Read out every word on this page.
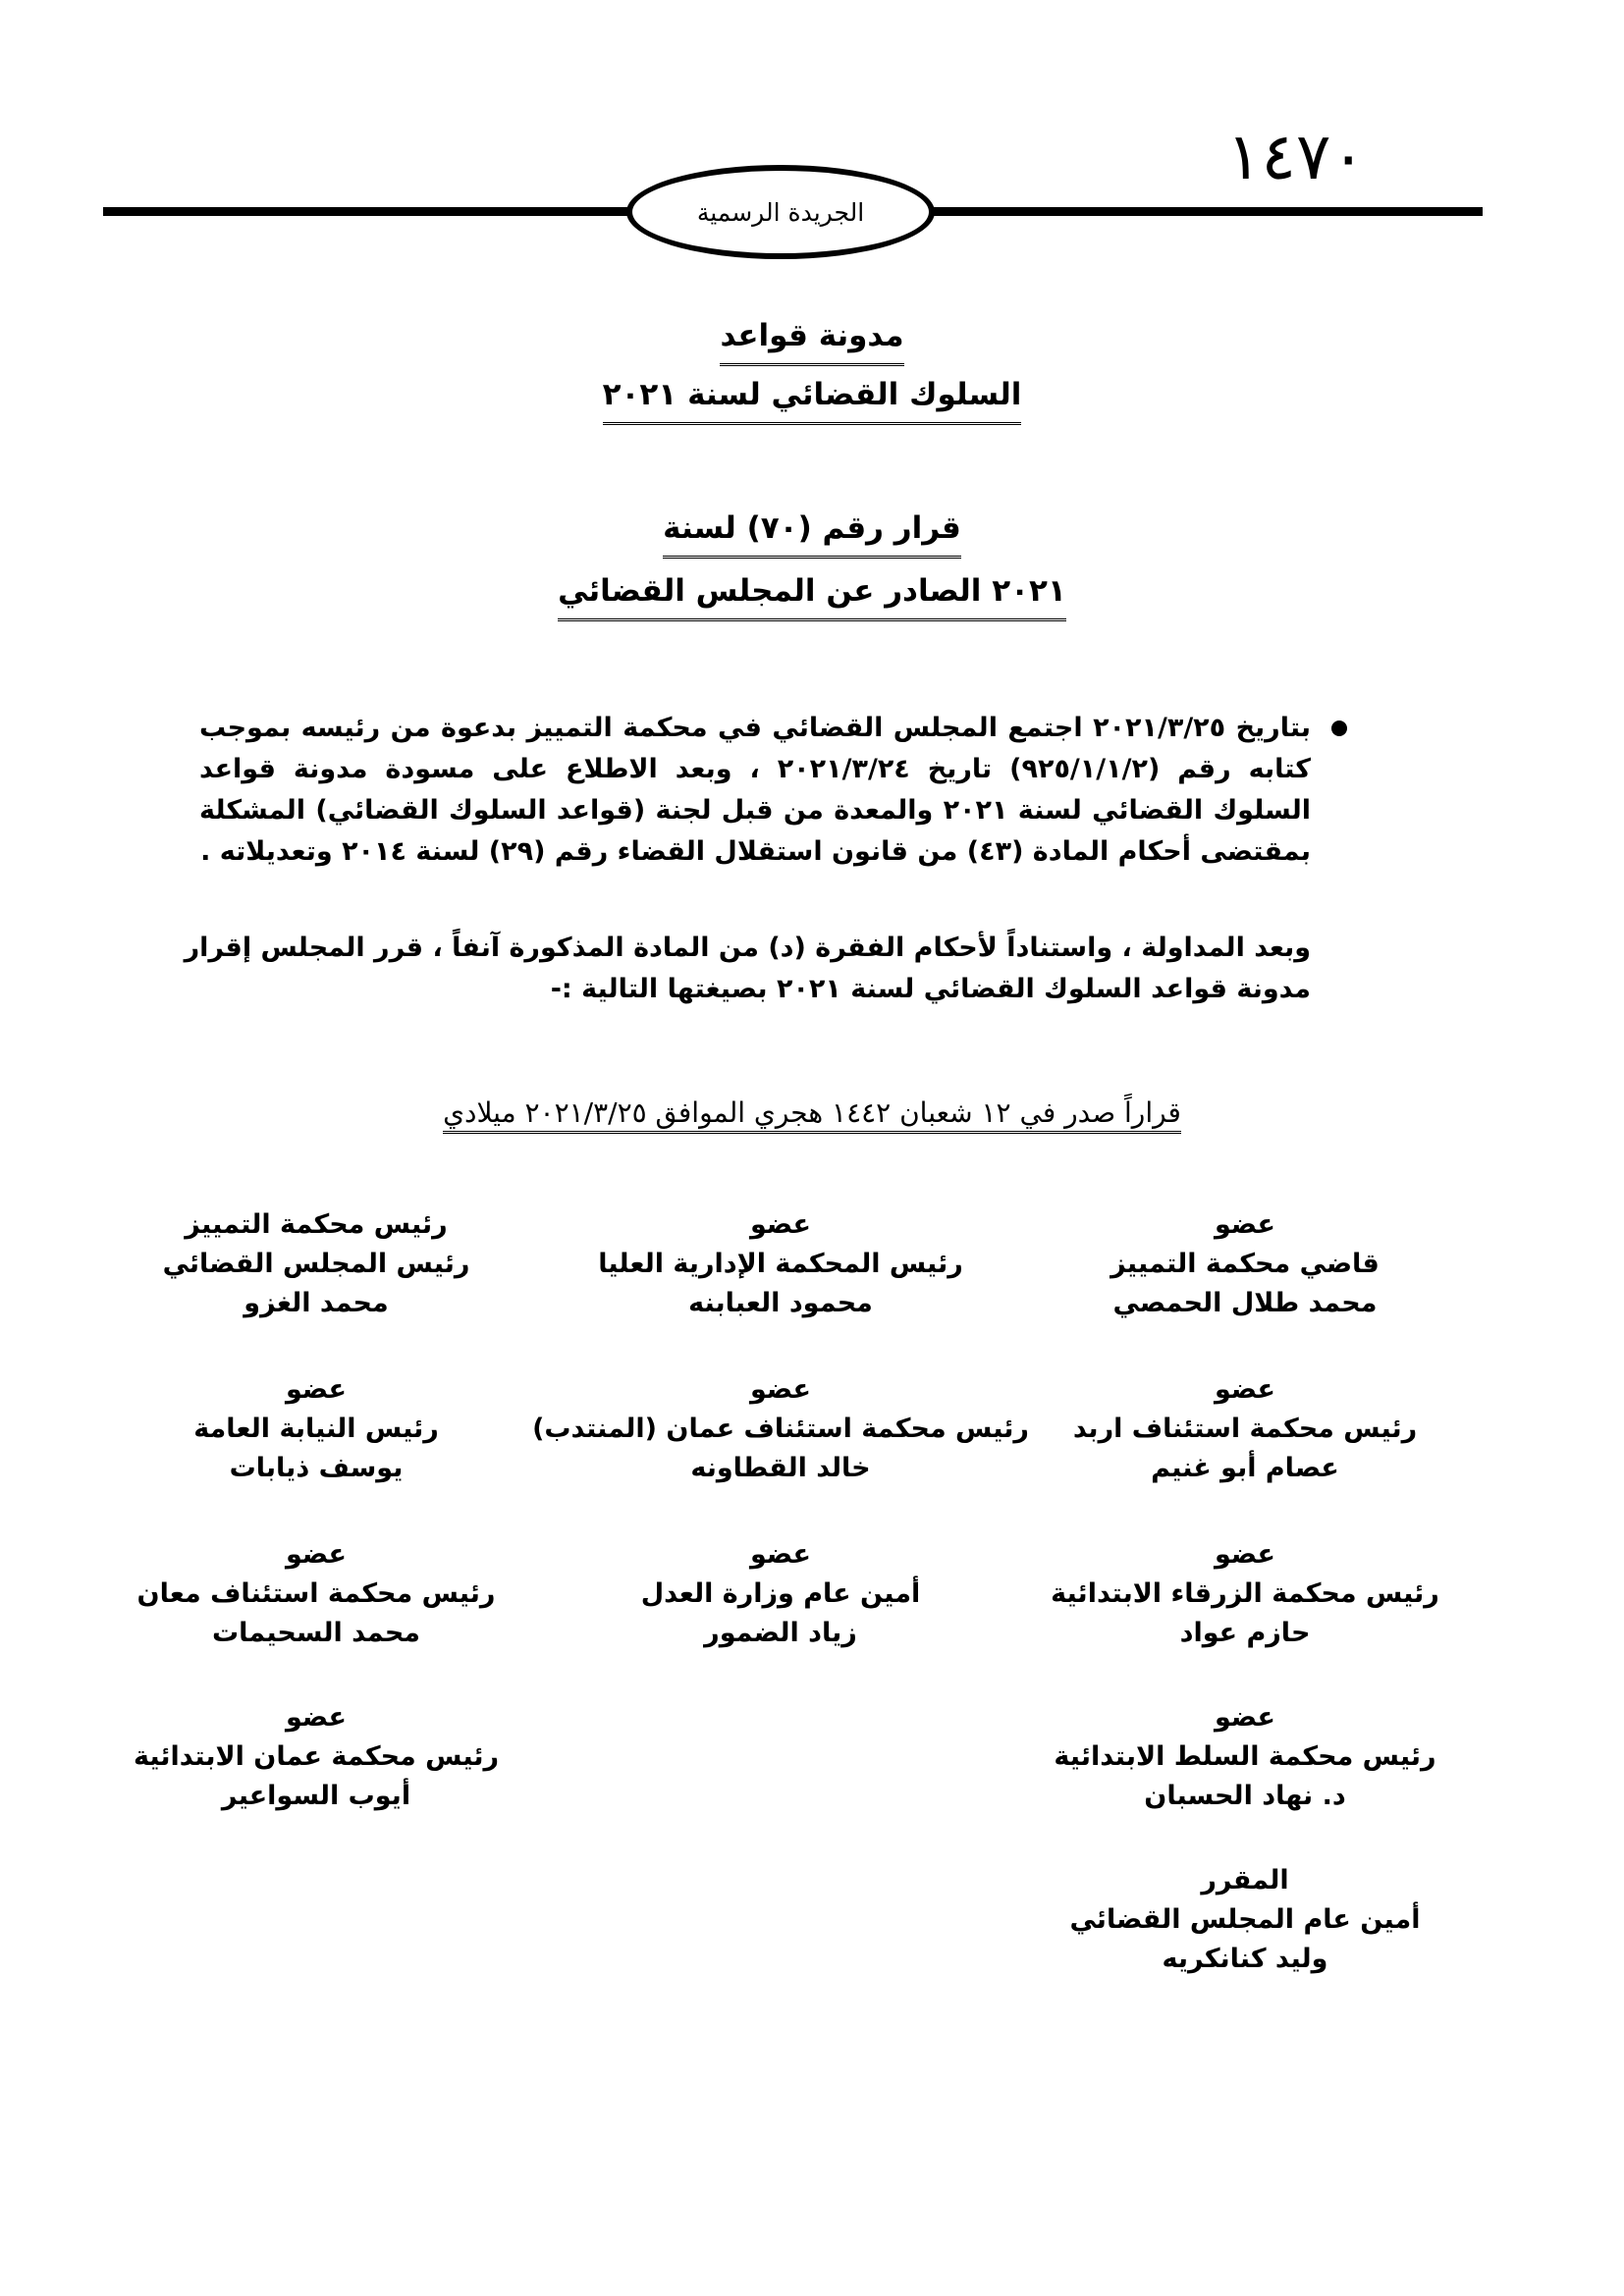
١٤٧٠
الجريدة الرسمية
مدونة قواعد
السلوك القضائي لسنة ٢٠٢١
قرار رقم (٧٠) لسنة
٢٠٢١ الصادر عن المجلس القضائي
بتاريخ ٢٠٢١/٣/٢٥ اجتمع المجلس القضائي في محكمة التمييز بدعوة من رئيسه بموجب
كتابه رقم (٩٢٥/١/١/٢) تاريخ ٢٠٢١/٣/٢٤ ، وبعد الاطلاع على مسودة مدونة قواعد
السلوك القضائي لسنة ٢٠٢١ والمعدة من قبل لجنة (قواعد السلوك القضائي) المشكلة
بمقتضى أحكام المادة (٤٣) من قانون استقلال القضاء رقم (٢٩) لسنة ٢٠١٤ وتعديلاته .
وبعد المداولة ، واستناداً لأحكام الفقرة (د) من المادة المذكورة آنفاً ، قرر المجلس إقرار
مدونة قواعد السلوك القضائي لسنة ٢٠٢١ بصيغتها التالية :-
قراراً صدر في ١٢ شعبان ١٤٤٢ هجري الموافق ٢٠٢١/٣/٢٥ ميلادي
رئيس محكمة التمييز
رئيس المجلس القضائي
محمد الغزو
عضو
رئيس المحكمة الإدارية العليا
محمود العبابنه
عضو
قاضي محكمة التمييز
محمد طلال الحمصي
عضو
رئيس النيابة العامة
يوسف ذيابات
عضو
رئيس محكمة استئناف عمان (المنتدب)
خالد القطاونه
عضو
رئيس محكمة استئناف اربد
عصام أبو غنيم
عضو
رئيس محكمة استئناف معان
محمد السحيمات
عضو
أمين عام وزارة العدل
زياد الضمور
عضو
رئيس محكمة الزرقاء الابتدائية
حازم عواد
عضو
رئيس محكمة عمان الابتدائية
أيوب السواعير
عضو
رئيس محكمة السلط الابتدائية
د. نهاد الحسبان
المقرر
أمين عام المجلس القضائي
وليد كنانكريه
